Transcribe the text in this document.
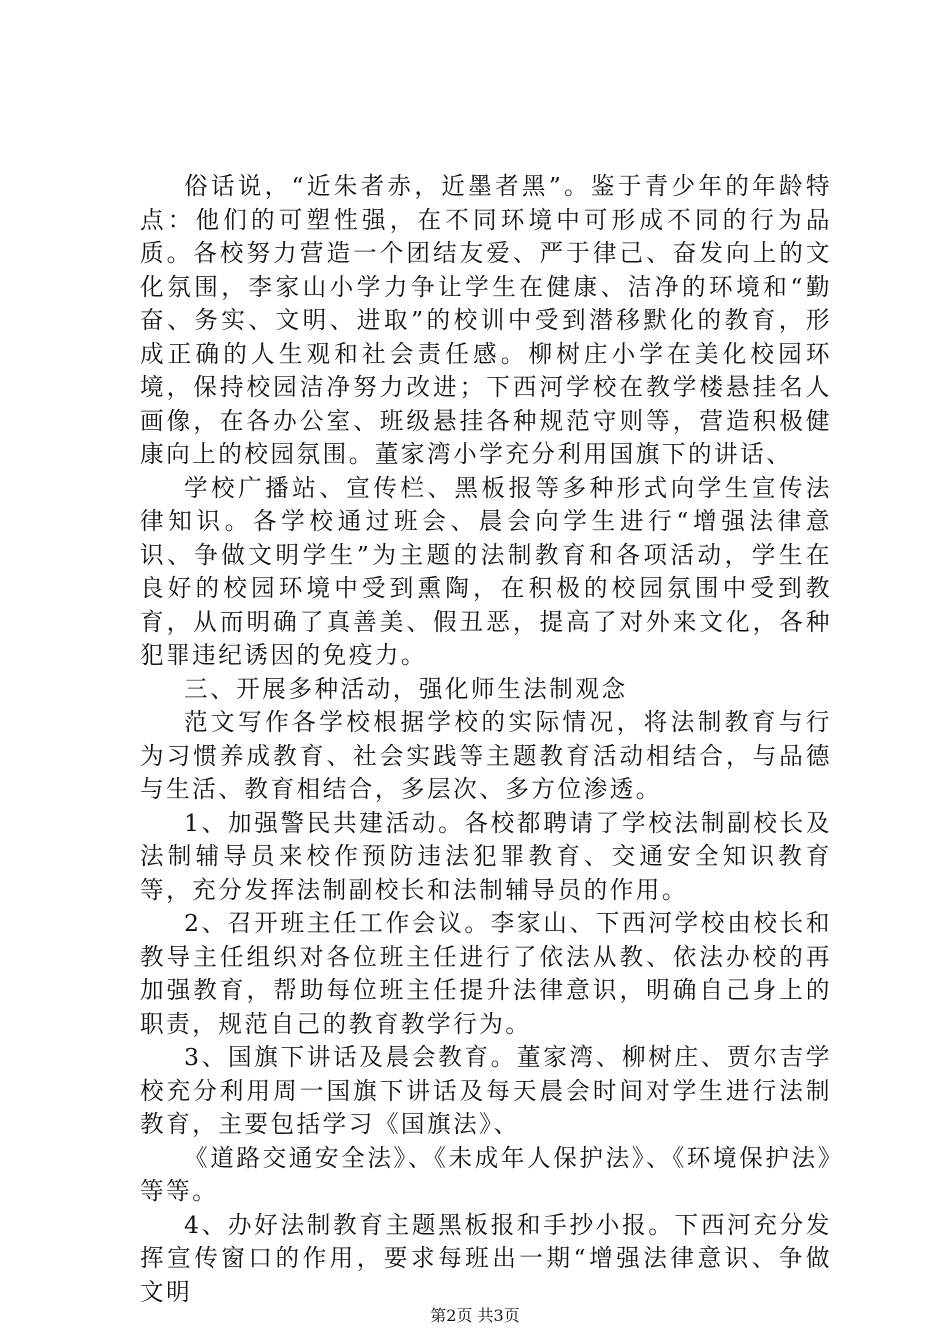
俗话说，“近朱者赤，近墨者黑”。鉴于青少年的年龄特点：他们的可塑性强，在不同环境中可形成不同的行为品质。各校努力营造一个团结友爱、严于律己、奋发向上的文化氛围，李家山小学力争让学生在健康、洁净的环境和“勤奋、务实、文明、进取”的校训中受到潜移默化的教育，形成正确的人生观和社会责任感。柳树庄小学在美化校园环境，保持校园洁净努力改进；下西河学校在教学楼悬挂名人画像，在各办公室、班级悬挂各种规范守则等，营造积极健康向上的校园氛围。董家湾小学充分利用国旗下的讲话、

学校广播站、宣传栏、黑板报等多种形式向学生宣传法律知识。各学校通过班会、晨会向学生进行“增强法律意识、争做文明学生”为主题的法制教育和各项活动，学生在良好的校园环境中受到熏陶，在积极的校园氛围中受到教育，从而明确了真善美、假丑恶，提高了对外来文化，各种犯罪违纪诱因的免疫力。

三、开展多种活动，强化师生法制观念

范文写作各学校根据学校的实际情况，将法制教育与行为习惯养成教育、社会实践等主题教育活动相结合，与品德与生活、教育相结合，多层次、多方位渗透。

1、加强警民共建活动。各校都聘请了学校法制副校长及法制辅导员来校作预防违法犯罪教育、交通安全知识教育等，充分发挥法制副校长和法制辅导员的作用。

2、召开班主任工作会议。李家山、下西河学校由校长和教导主任组织对各位班主任进行了依法从教、依法办校的再加强教育，帮助每位班主任提升法律意识，明确自己身上的职责，规范自己的教育教学行为。

3、国旗下讲话及晨会教育。董家湾、柳树庄、贾尔吉学校充分利用周一国旗下讲话及每天晨会时间对学生进行法制教育，主要包括学习《国旗法》、

《道路交通安全法》、《未成年人保护法》、《环境保护法》等等。

4、办好法制教育主题黑板报和手抄小报。下西河充分发挥宣传窗口的作用，要求每班出一期“增强法律意识、争做文明

第2页 共3页
